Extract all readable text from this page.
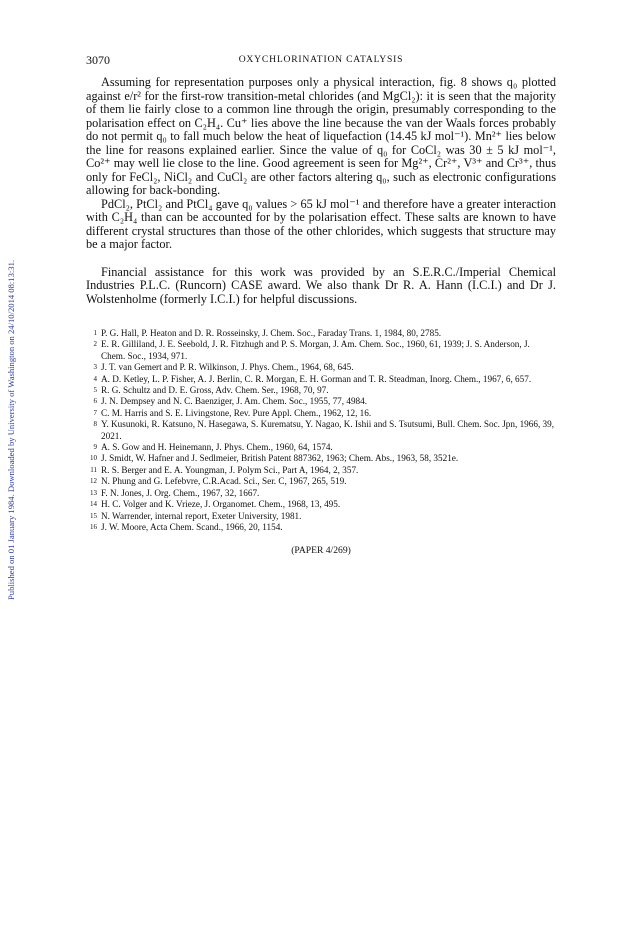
Published on 01 January 1984. Downloaded by University of Washington on 24/10/2014 08:13:31.
3070	OXYCHLORINATION CATALYSIS

Assuming for representation purposes only a physical interaction, fig. 8 shows q₀ plotted against e/r² for the first-row transition-metal chlorides (and MgCl₂): it is seen that the majority of them lie fairly close to a common line through the origin, presumably corresponding to the polarisation effect on C₂H₄. Cu⁺ lies above the line because the van der Waals forces probably do not permit q₀ to fall much below the heat of liquefaction (14.45 kJ mol⁻¹). Mn²⁺ lies below the line for reasons explained earlier. Since the value of q₀ for CoCl₂ was 30 ± 5 kJ mol⁻¹, Co²⁺ may well lie close to the line. Good agreement is seen for Mg²⁺, Cr²⁺, V³⁺ and Cr³⁺, thus only for FeCl₂, NiCl₂ and CuCl₂ are other factors altering q₀, such as electronic configurations allowing for back-bonding.

PdCl₂, PtCl₂ and PtCl₄ gave q₀ values > 65 kJ mol⁻¹ and therefore have a greater interaction with C₂H₄ than can be accounted for by the polarisation effect. These salts are known to have different crystal structures than those of the other chlorides, which suggests that structure may be a major factor.

Financial assistance for this work was provided by an S.E.R.C./Imperial Chemical Industries P.L.C. (Runcorn) CASE award. We also thank Dr R. A. Hann (I.C.I.) and Dr J. Wolstenholme (formerly I.C.I.) for helpful discussions.

1 P. G. Hall, P. Heaton and D. R. Rosseinsky, J. Chem. Soc., Faraday Trans. 1, 1984, 80, 2785.
2 E. R. Gilliland, J. E. Seebold, J. R. Fitzhugh and P. S. Morgan, J. Am. Chem. Soc., 1960, 61, 1939; J. S. Anderson, J. Chem. Soc., 1934, 971.
3 J. T. van Gemert and P. R. Wilkinson, J. Phys. Chem., 1964, 68, 645.
4 A. D. Ketley, L. P. Fisher, A. J. Berlin, C. R. Morgan, E. H. Gorman and T. R. Steadman, Inorg. Chem., 1967, 6, 657.
5 R. G. Schultz and D. E. Gross, Adv. Chem. Ser., 1968, 70, 97.
6 J. N. Dempsey and N. C. Baenziger, J. Am. Chem. Soc., 1955, 77, 4984.
7 C. M. Harris and S. E. Livingstone, Rev. Pure Appl. Chem., 1962, 12, 16.
8 Y. Kusunoki, R. Katsuno, N. Hasegawa, S. Kurematsu, Y. Nagao, K. Ishii and S. Tsutsumi, Bull. Chem. Soc. Jpn, 1966, 39, 2021.
9 A. S. Gow and H. Heinemann, J. Phys. Chem., 1960, 64, 1574.
10 J. Smidt, W. Hafner and J. Sedlmeier, British Patent 887362, 1963; Chem. Abs., 1963, 58, 3521e.
11 R. S. Berger and E. A. Youngman, J. Polym Sci., Part A, 1964, 2, 357.
12 N. Phung and G. Lefebvre, C.R.Acad. Sci., Ser. C, 1967, 265, 519.
13 F. N. Jones, J. Org. Chem., 1967, 32, 1667.
14 H. C. Volger and K. Vrieze, J. Organomet. Chem., 1968, 13, 495.
15 N. Warrender, internal report, Exeter University, 1981.
16 J. W. Moore, Acta Chem. Scand., 1966, 20, 1154.
(PAPER 4/269)
